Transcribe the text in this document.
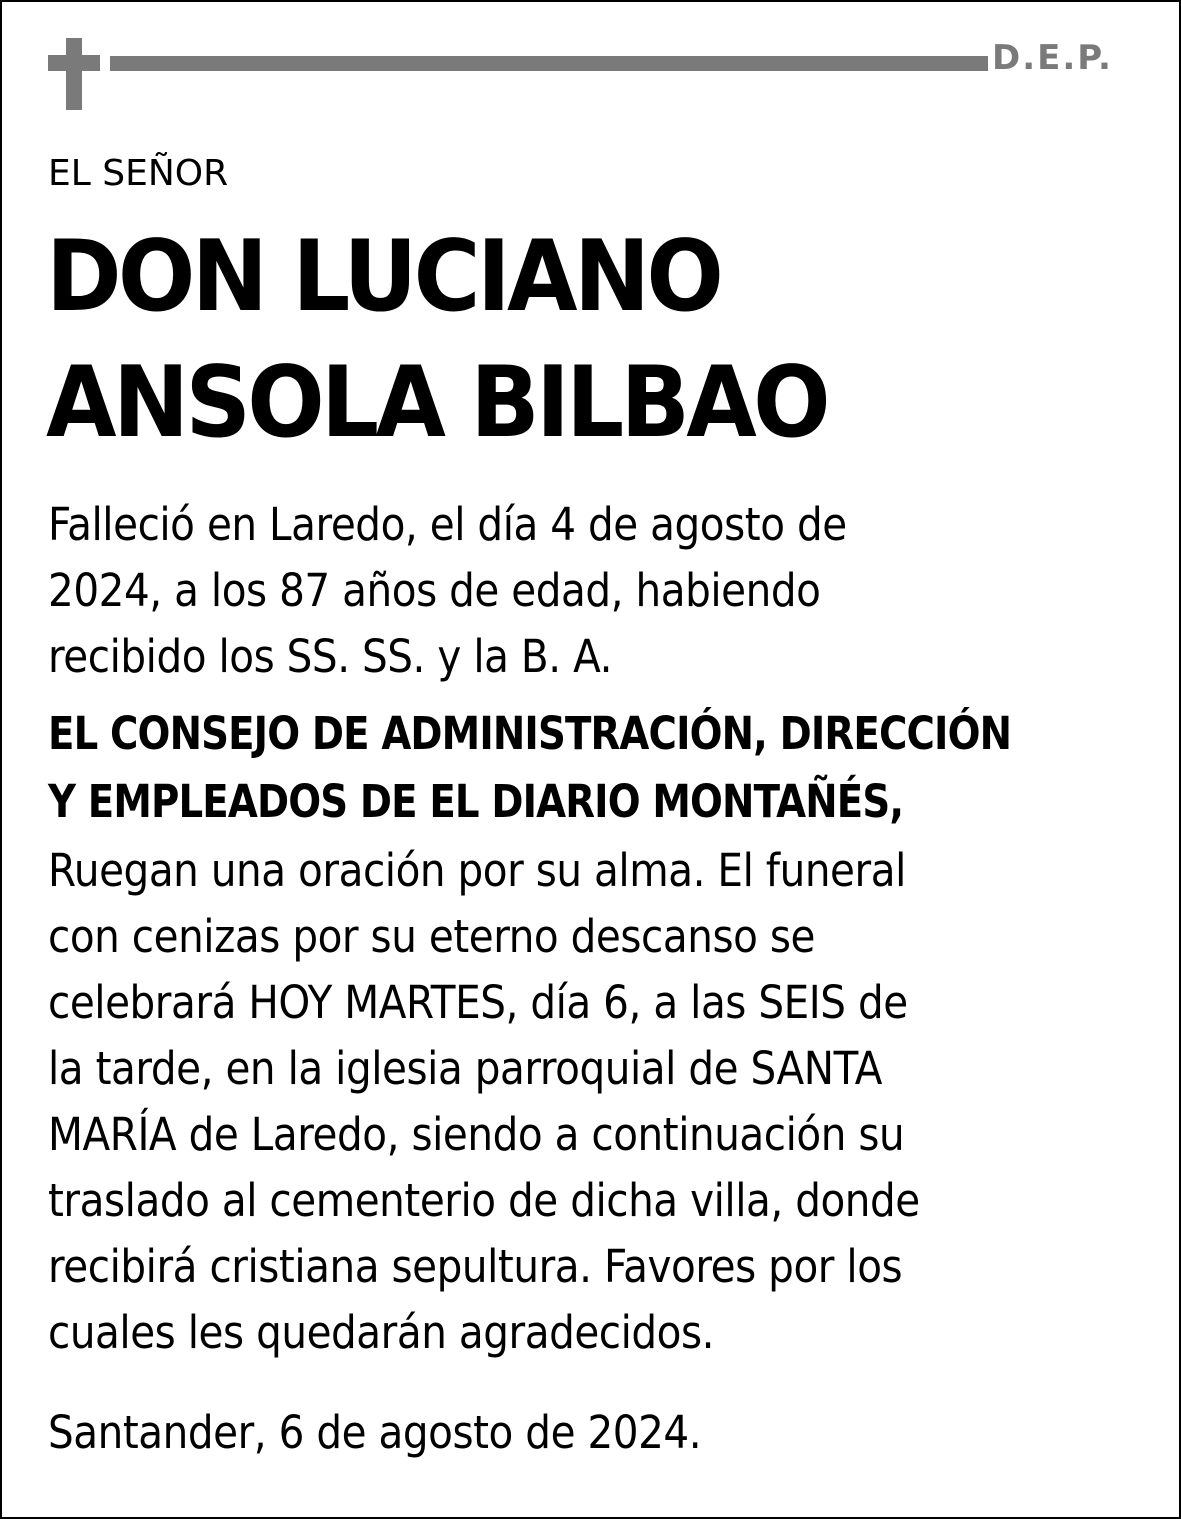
D.E.P.
EL SEÑOR
DON LUCIANO
ANSOLA BILBAO
Falleció en Laredo, el día 4 de agosto de
2024, a los 87 años de edad, habiendo
recibido los SS. SS. y la B. A.
EL CONSEJO DE ADMINISTRACIÓN, DIRECCIÓN
Y EMPLEADOS DE EL DIARIO MONTAÑÉS,
Ruegan una oración por su alma. El funeral
con cenizas por su eterno descanso se
celebrará HOY MARTES, día 6, a las SEIS de
la tarde, en la iglesia parroquial de SANTA
MARÍA de Laredo, siendo a continuación su
traslado al cementerio de dicha villa, donde
recibirá cristiana sepultura. Favores por los
cuales les quedarán agradecidos.
Santander, 6 de agosto de 2024.
